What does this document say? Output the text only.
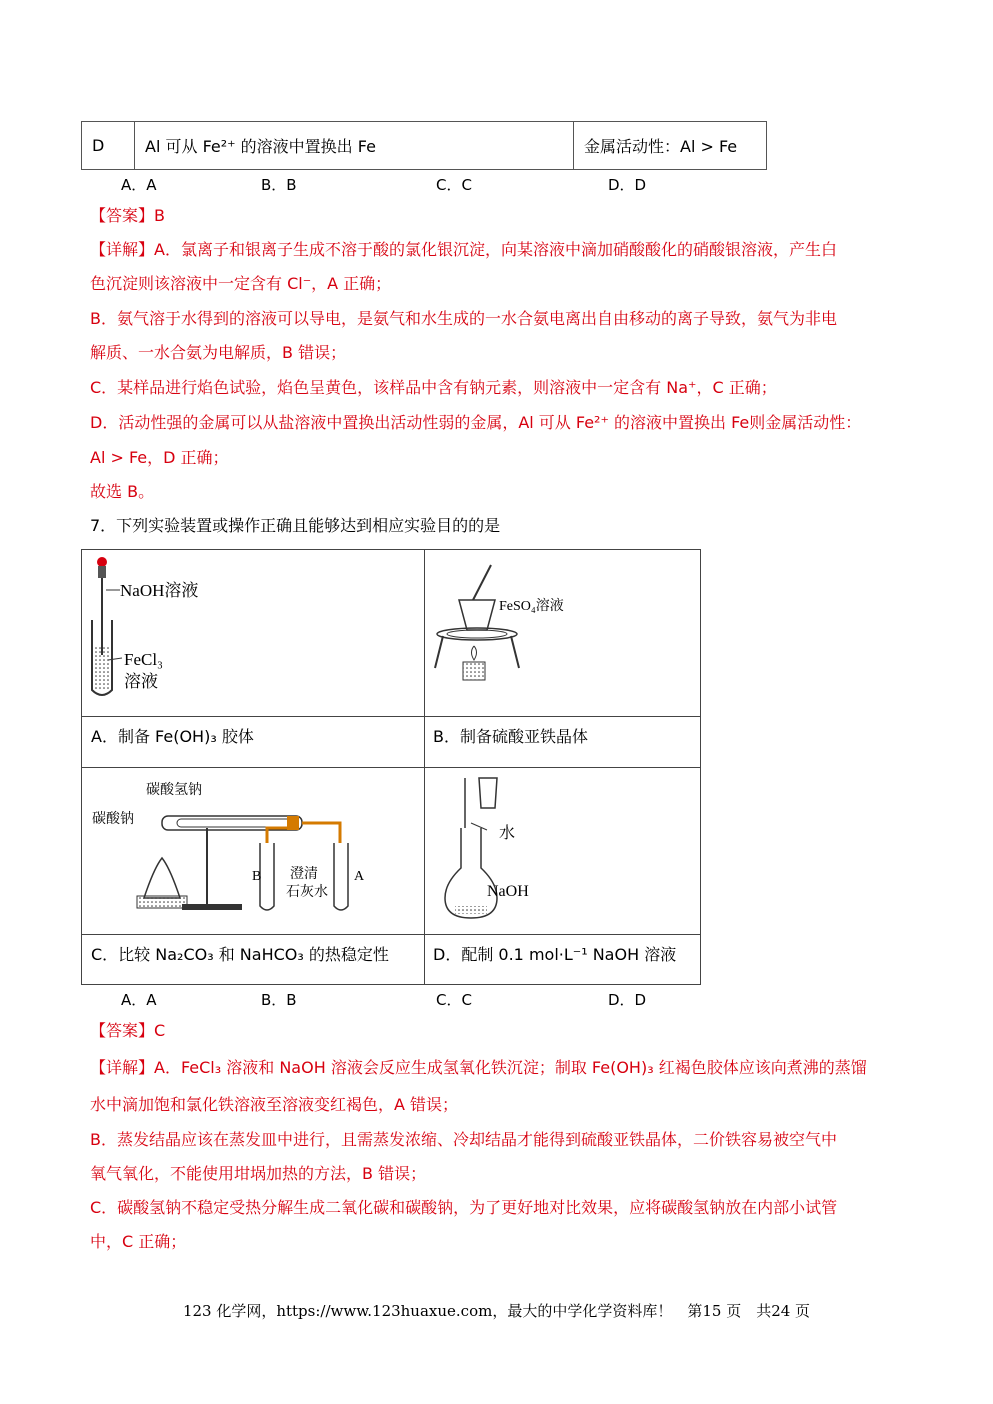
D	Al 可从 Fe²⁺ 的溶液中置换出 Fe	金属活动性：Al > Fe
A．A	B．B	C．C	D．D
【答案】B
【详解】A．氯离子和银离子生成不溶于酸的氯化银沉淀，向某溶液中滴加硝酸酸化的硝酸银溶液，产生白
色沉淀则该溶液中一定含有 Cl⁻，A 正确；
B．氨气溶于水得到的溶液可以导电，是氨气和水生成的一水合氨电离出自由移动的离子导致，氨气为非电
解质、一水合氨为电解质，B 错误；
C．某样品进行焰色试验，焰色呈黄色，该样品中含有钠元素，则溶液中一定含有 Na⁺，C 正确；
D．活动性强的金属可以从盐溶液中置换出活动性弱的金属，Al 可从 Fe²⁺ 的溶液中置换出 Fe则金属活动性：
Al > Fe，D 正确；
故选 B。
7．下列实验装置或操作正确且能够达到相应实验目的的是
NaOH溶液
FeCl₃
溶液
FeSO₄溶液
A．制备 Fe(OH)₃ 胶体	B．制备硫酸亚铁晶体
碳酸氢钠
碳酸钠
澄清
石灰水
B	A
水
NaOH
C．比较 Na₂CO₃ 和 NaHCO₃ 的热稳定性	D．配制 0.1 mol·L⁻¹ NaOH 溶液
A．A	B．B	C．C	D．D
【答案】C
【详解】A．FeCl₃ 溶液和 NaOH 溶液会反应生成氢氧化铁沉淀；制取 Fe(OH)₃ 红褐色胶体应该向煮沸的蒸馏
水中滴加饱和氯化铁溶液至溶液变红褐色，A 错误；
B．蒸发结晶应该在蒸发皿中进行，且需蒸发浓缩、冷却结晶才能得到硫酸亚铁晶体，二价铁容易被空气中
氧气氧化，不能使用坩埚加热的方法，B 错误；
C．碳酸氢钠不稳定受热分解生成二氧化碳和碳酸钠，为了更好地对比效果，应将碳酸氢钠放在内部小试管
中，C 正确；
123 化学网，https://www.123huaxue.com，最大的中学化学资料库！　第15 页　共24 页
